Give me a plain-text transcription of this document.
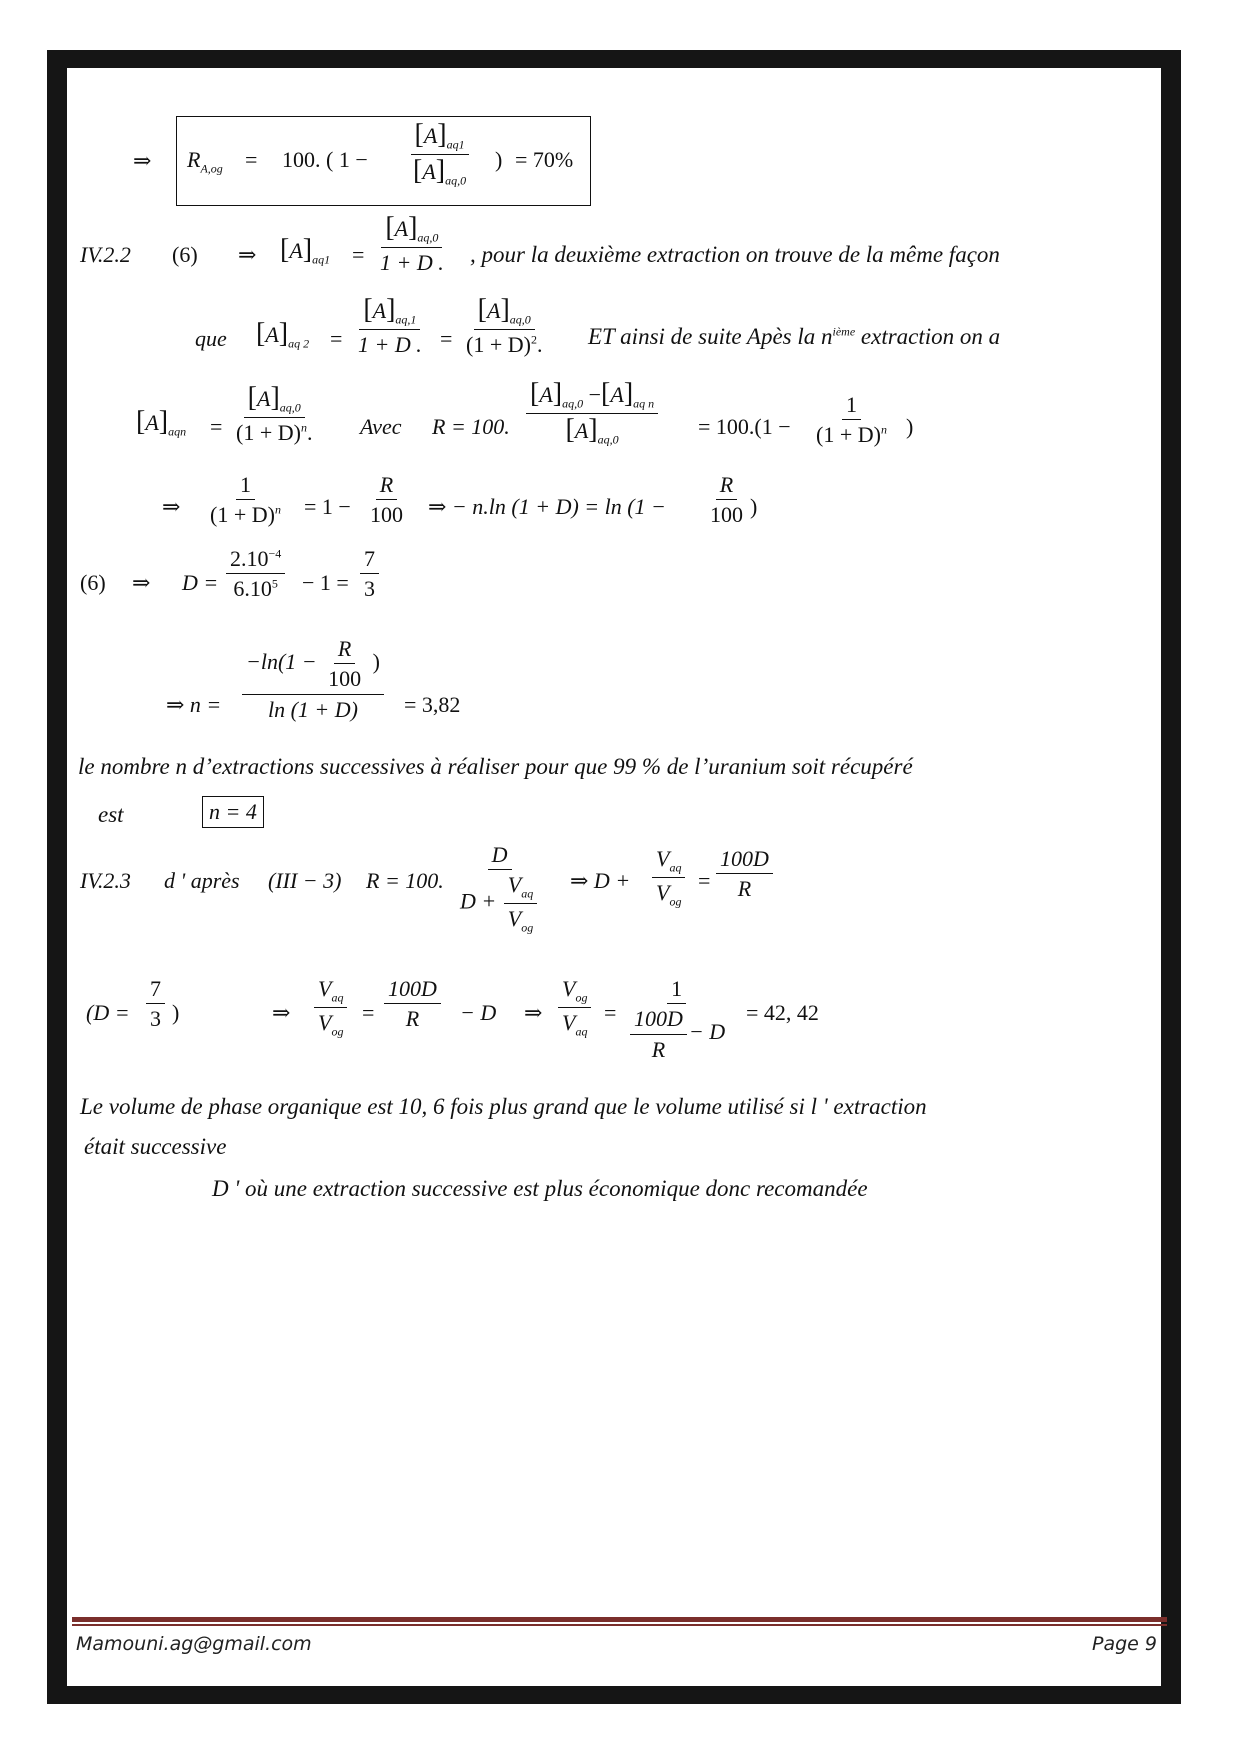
⇒ $R_{A,og} = 100$. ( $1 - \frac{[A]_{aq1}}{[A]_{aq,0}}$ ) = 70%
IV.2.2 (6) ⇒ $[A]_{aq1} = \frac{[A]_{aq,0}}{1 + D .}$ , pour la deuxième extraction on trouve de la même façon
que $[A]_{aq 2} = \frac{[A]_{aq,1}}{1 + D .} = \frac{[A]_{aq,0}}{(1 + D)^2.}$ ET ainsi de suite Apès la $n^{ième}$ extraction on a
$[A]_{aqn} = \frac{[A]_{aq,0}}{(1 + D)^n.}$ Avec R = 100. $\frac{[A]_{aq,0} -[A]_{aq n}}{[A]_{aq,0}} = 100.(1 - \frac{1}{(1 + D)^n}$ )
⇒ $\frac{1}{(1 + D)^n} = 1 - \frac{R}{100}$ ⇒ − n.ln $(1 + D) = \ln (1 - \frac{R}{100}$ )
(6) ⇒ $D = \frac{2.10^{-4}}{6.10^5} - 1 = \frac{7}{3}$
⇒ $n = \frac{-\ln(1 - \frac{R}{100} )}{\ln (1 + D)} = 3,82$
le nombre n d’extractions successives à réaliser pour que 99 % de l’uranium soit récupéré
est	n = 4
IV.2.3 d ' après (III − 3) R = 100. $\frac{D}{D + \frac{V_{aq}}{V_{og}}}$ ⇒ $D + \frac{V_{aq}}{V_{og}} = \frac{100D}{R}$
($D = \frac{7}{3}$ )	⇒ $\frac{V_{aq}}{V_{og}} = \frac{100D}{R} - D$ ⇒ $\frac{V_{og}}{V_{aq}} = \frac{1}{\frac{100D}{R} - D} = 42$, 42
Le volume de phase organique est 10, 6 fois plus grand que le volume utilisé si l ' extraction
était successive
D ' où une extraction successive est plus économique donc recomandée
Mamouni.ag@gmail.com	Page 9
